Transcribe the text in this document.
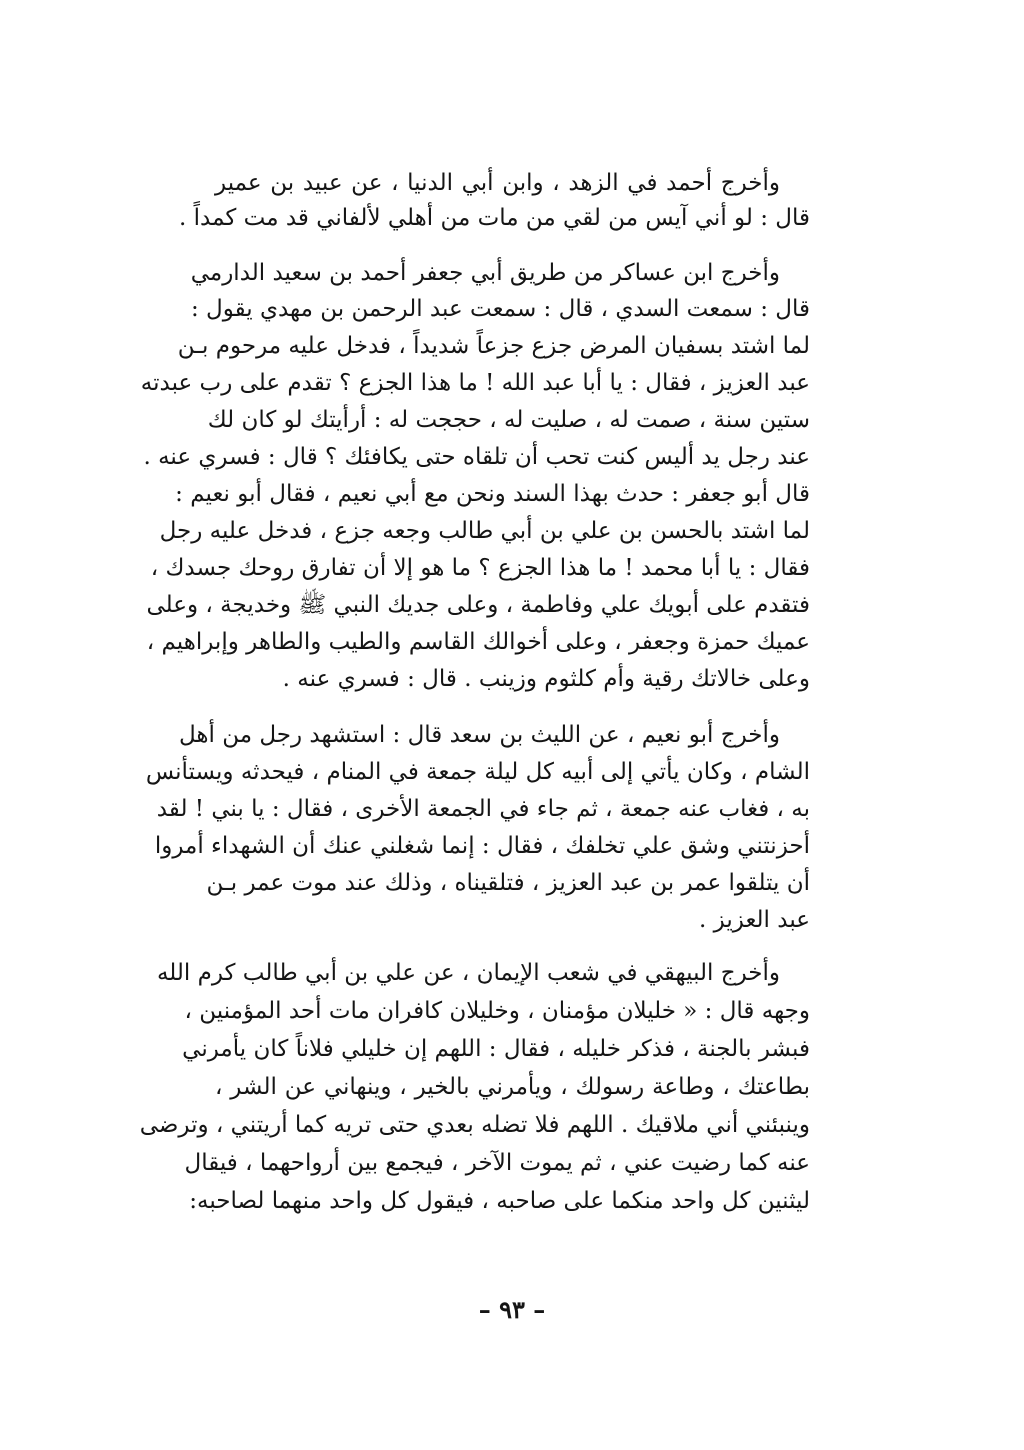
وأخرج أحمد في الزهد ، وابن أبي الدنيا ، عن عبيد بن عمير
قال : لو أني آيس من لقي من مات من أهلي لألفاني قد مت كمداً .
وأخرج ابن عساكر من طريق أبي جعفر أحمد بن سعيد الدارمي
قال : سمعت السدي ، قال : سمعت عبد الرحمن بن مهدي يقول :
لما اشتد بسفيان المرض جزع جزعاً شديداً ، فدخل عليه مرحوم بـن
عبد العزيز ، فقال : يا أبا عبد الله ! ما هذا الجزع ؟ تقدم على رب عبدته
ستين سنة ، صمت له ، صليت له ، حججت له : أرأيتك لو كان لك
عند رجل يد أليس كنت تحب أن تلقاه حتى يكافئك ؟ قال : فسري عنه .
قال أبو جعفر : حدث بهذا السند ونحن مع أبي نعيم ، فقال أبو نعيم :
لما اشتد بالحسن بن علي بن أبي طالب وجعه جزع ، فدخل عليه رجل
فقال : يا أبا محمد ! ما هذا الجزع ؟ ما هو إلا أن تفارق روحك جسدك ،
فتقدم على أبويك علي وفاطمة ، وعلى جديك النبي ﷺ وخديجة ، وعلى
عميك حمزة وجعفر ، وعلى أخوالك القاسم والطيب والطاهر وإبراهيم ،
وعلى خالاتك رقية وأم كلثوم وزينب . قال : فسري عنه .
وأخرج أبو نعيم ، عن الليث بن سعد قال : استشهد رجل من أهل
الشام ، وكان يأتي إلى أبيه كل ليلة جمعة في المنام ، فيحدثه ويستأنس
به ، فغاب عنه جمعة ، ثم جاء في الجمعة الأخرى ، فقال : يا بني ! لقد
أحزنتني وشق علي تخلفك ، فقال : إنما شغلني عنك أن الشهداء أمروا
أن يتلقوا عمر بن عبد العزيز ، فتلقيناه ، وذلك عند موت عمر بـن
عبد العزيز .
وأخرج البيهقي في شعب الإيمان ، عن علي بن أبي طالب كرم الله
وجهه قال : « خليلان مؤمنان ، وخليلان كافران مات أحد المؤمنين ،
فبشر بالجنة ، فذكر خليله ، فقال : اللهم إن خليلي فلاناً كان يأمرني
بطاعتك ، وطاعة رسولك ، ويأمرني بالخير ، وينهاني عن الشر ،
وينبئني أني ملاقيك . اللهم فلا تضله بعدي حتى تريه كما أريتني ، وترضى
عنه كما رضيت عني ، ثم يموت الآخر ، فيجمع بين أرواحهما ، فيقال
ليثنين كل واحد منكما على صاحبه ، فيقول كل واحد منهما لصاحبه:
– ٩٣ –
